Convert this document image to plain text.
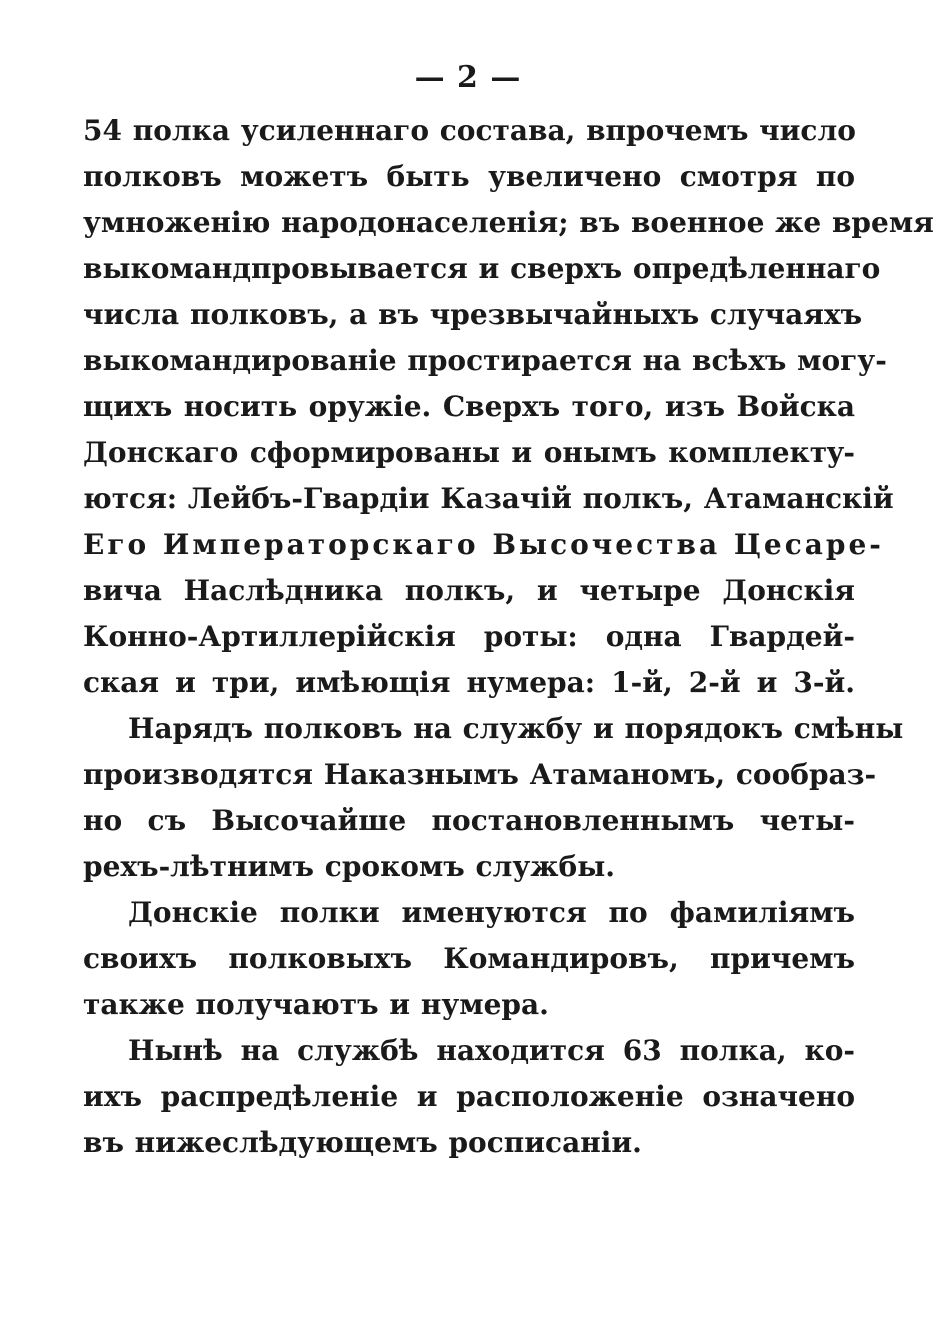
— 2 —
54 полка усиленнаго состава, впрочемъ число
полковъ можетъ быть увеличено смотря по
умноженію народонаселенія; въ военное же время
выкомандпровывается и сверхъ опредѣленнаго
числа полковъ, а въ чрезвычайныхъ случаяхъ
выкомандированіе простирается на всѣхъ могу-
щихъ носить оружіе. Сверхъ того, изъ Войска
Донскаго сформированы и онымъ комплектy-
ются: Лейбъ-Гвардіи Казачій полкъ, Атаманскій
Его Императорскаго Высочества Цесаре-
вича Наслѣдника полкъ, и четыре Донскія
Конно-Артиллерійскія роты: одна Гвардей-
ская и три, имѣющія нумера: 1-й, 2-й и 3-й.
Нарядъ полковъ на службу и порядокъ смѣны
производятся Наказнымъ Атаманомъ, сообраз-
но съ Высочайше постановленнымъ четы-
рехъ-лѣтнимъ срокомъ службы.
Донскіе полки именуются по фамиліямъ
своихъ полковыхъ Командировъ, причемъ
также получаютъ и нумера.
Нынѣ на службѣ находится 63 полка, ко-
ихъ распредѣленіе и расположеніе означено
въ нижеслѣдующемъ росписаніи.
